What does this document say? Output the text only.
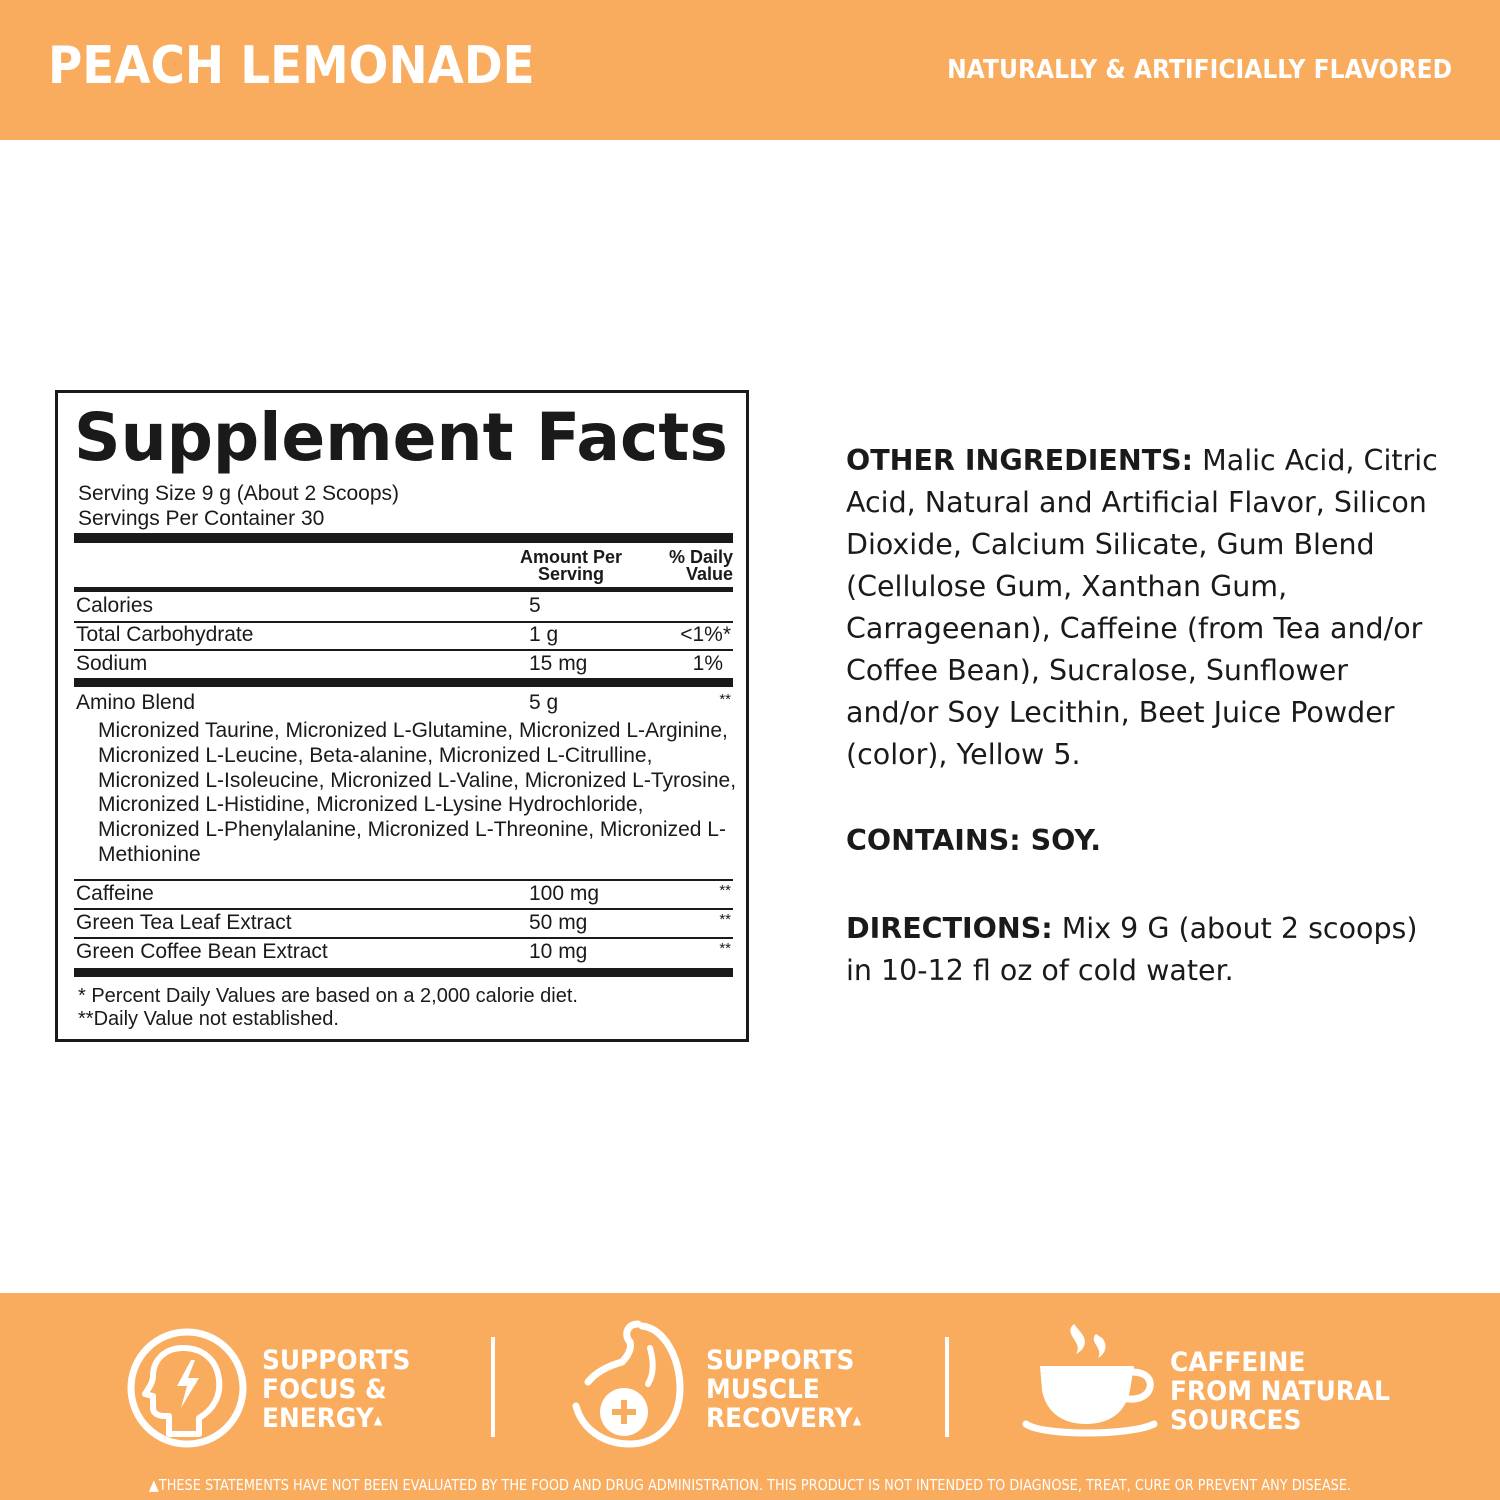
PEACH LEMONADE	NATURALLY & ARTIFICIALLY FLAVORED
Supplement Facts
Serving Size 9 g (About 2 Scoops)
Servings Per Container 30
Amount Per
Serving
% Daily
Value
Calories	5
Total Carbohydrate	1 g	<1%*
Sodium	15 mg	1%
Amino Blend	5 g	**
Micronized Taurine, Micronized L-Glutamine, Micronized L-Arginine, Micronized L-Leucine, Beta-alanine, Micronized L-Citrulline, Micronized L-Isoleucine, Micronized L-Valine, Micronized L-Tyrosine, Micronized L-Histidine, Micronized L-Lysine Hydrochloride, Micronized L-Phenylalanine, Micronized L-Threonine, Micronized L-Methionine
Caffeine	100 mg	**
Green Tea Leaf Extract	50 mg	**
Green Coffee Bean Extract	10 mg	**
* Percent Daily Values are based on a 2,000 calorie diet.
**Daily Value not established.
OTHER INGREDIENTS: Malic Acid, Citric Acid, Natural and Artificial Flavor, Silicon Dioxide, Calcium Silicate, Gum Blend (Cellulose Gum, Xanthan Gum, Carrageenan), Caffeine (from Tea and/or Coffee Bean), Sucralose, Sunflower and/or Soy Lecithin, Beet Juice Powder (color), Yellow 5.
CONTAINS: SOY.
DIRECTIONS: Mix 9 G (about 2 scoops) in 10-12 fl oz of cold water.
SUPPORTS
FOCUS &
ENERGY▲
SUPPORTS
MUSCLE
RECOVERY▲
CAFFEINE
FROM NATURAL
SOURCES
▲THESE STATEMENTS HAVE NOT BEEN EVALUATED BY THE FOOD AND DRUG ADMINISTRATION. THIS PRODUCT IS NOT INTENDED TO DIAGNOSE, TREAT, CURE OR PREVENT ANY DISEASE.
